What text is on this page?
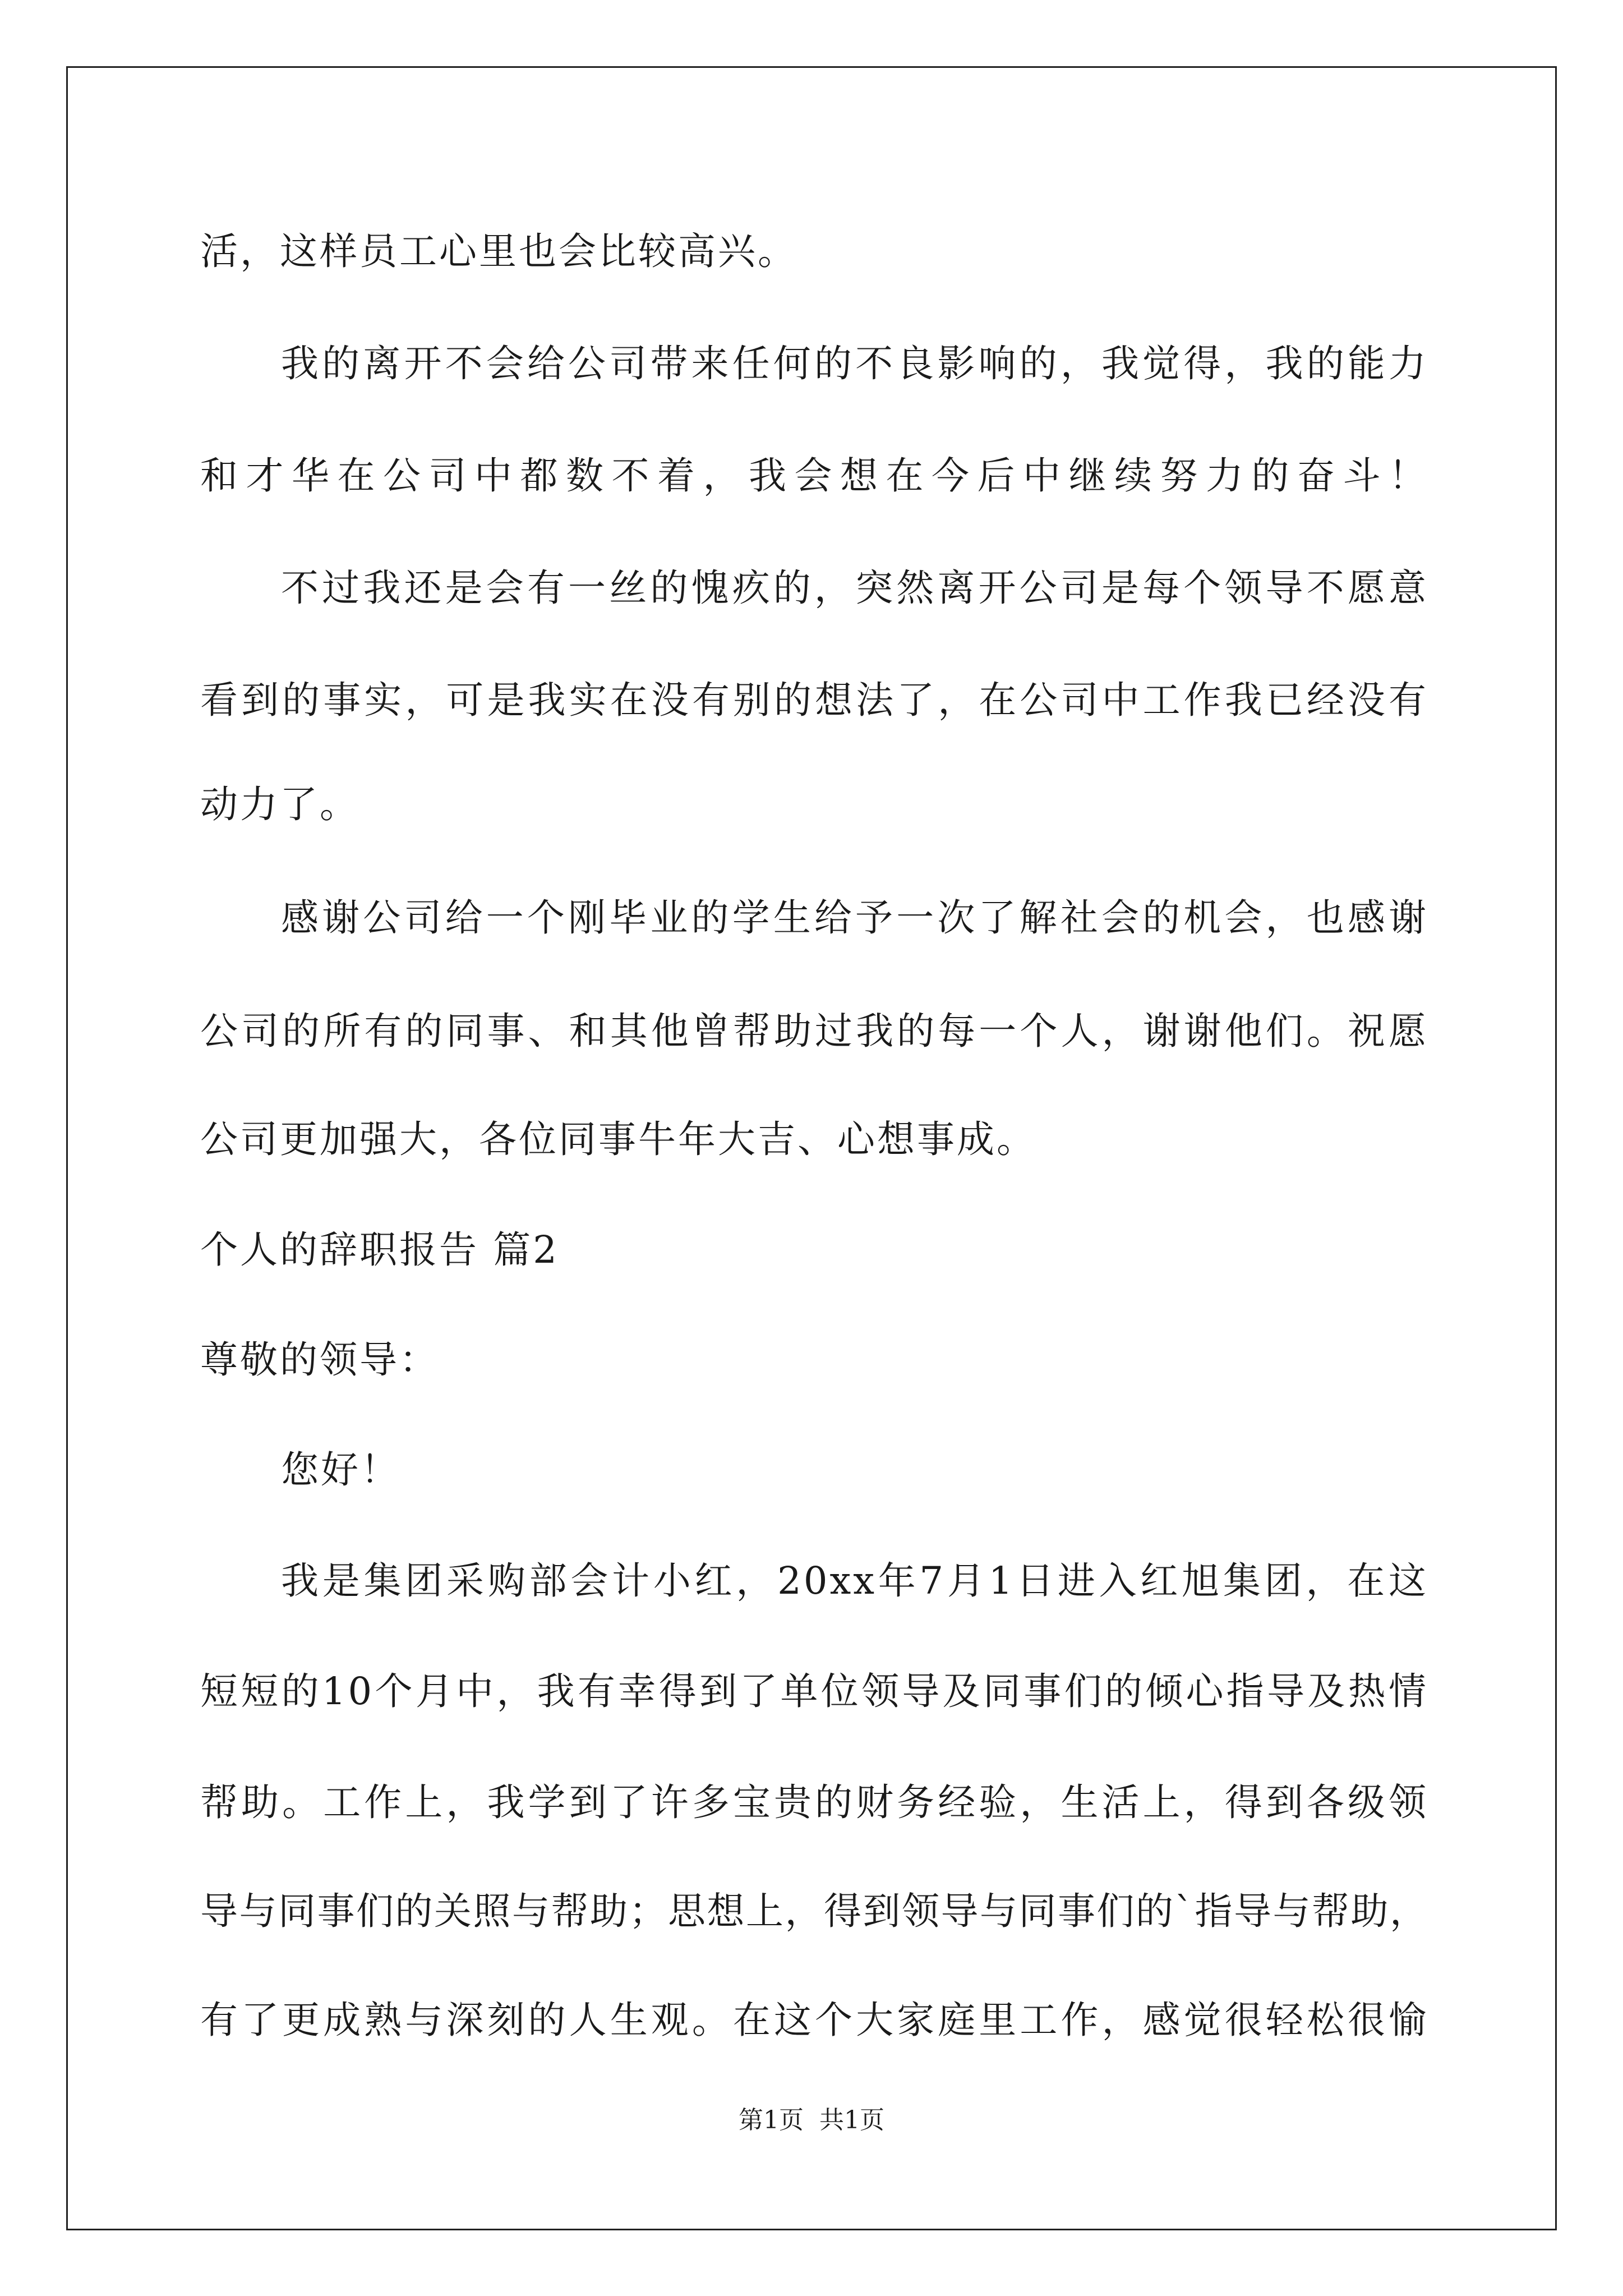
活，这样员工心里也会比较高兴。
我的离开不会给公司带来任何的不良影响的，我觉得，我的能力
和才华在公司中都数不着，我会想在今后中继续努力的奋斗！
不过我还是会有一丝的愧疚的，突然离开公司是每个领导不愿意
看到的事实，可是我实在没有别的想法了，在公司中工作我已经没有
动力了。
感谢公司给一个刚毕业的学生给予一次了解社会的机会，也感谢
公司的所有的同事、和其他曾帮助过我的每一个人，谢谢他们。祝愿
公司更加强大，各位同事牛年大吉、心想事成。
个人的辞职报告 篇2
尊敬的领导：
您好！
我是集团采购部会计小红，20xx年7月1日进入红旭集团，在这
短短的10个月中，我有幸得到了单位领导及同事们的倾心指导及热情
帮助。工作上，我学到了许多宝贵的财务经验，生活上，得到各级领
导与同事们的关照与帮助；思想上，得到领导与同事们的`指导与帮助，
有了更成熟与深刻的人生观。在这个大家庭里工作，感觉很轻松很愉
第1页  共1页
